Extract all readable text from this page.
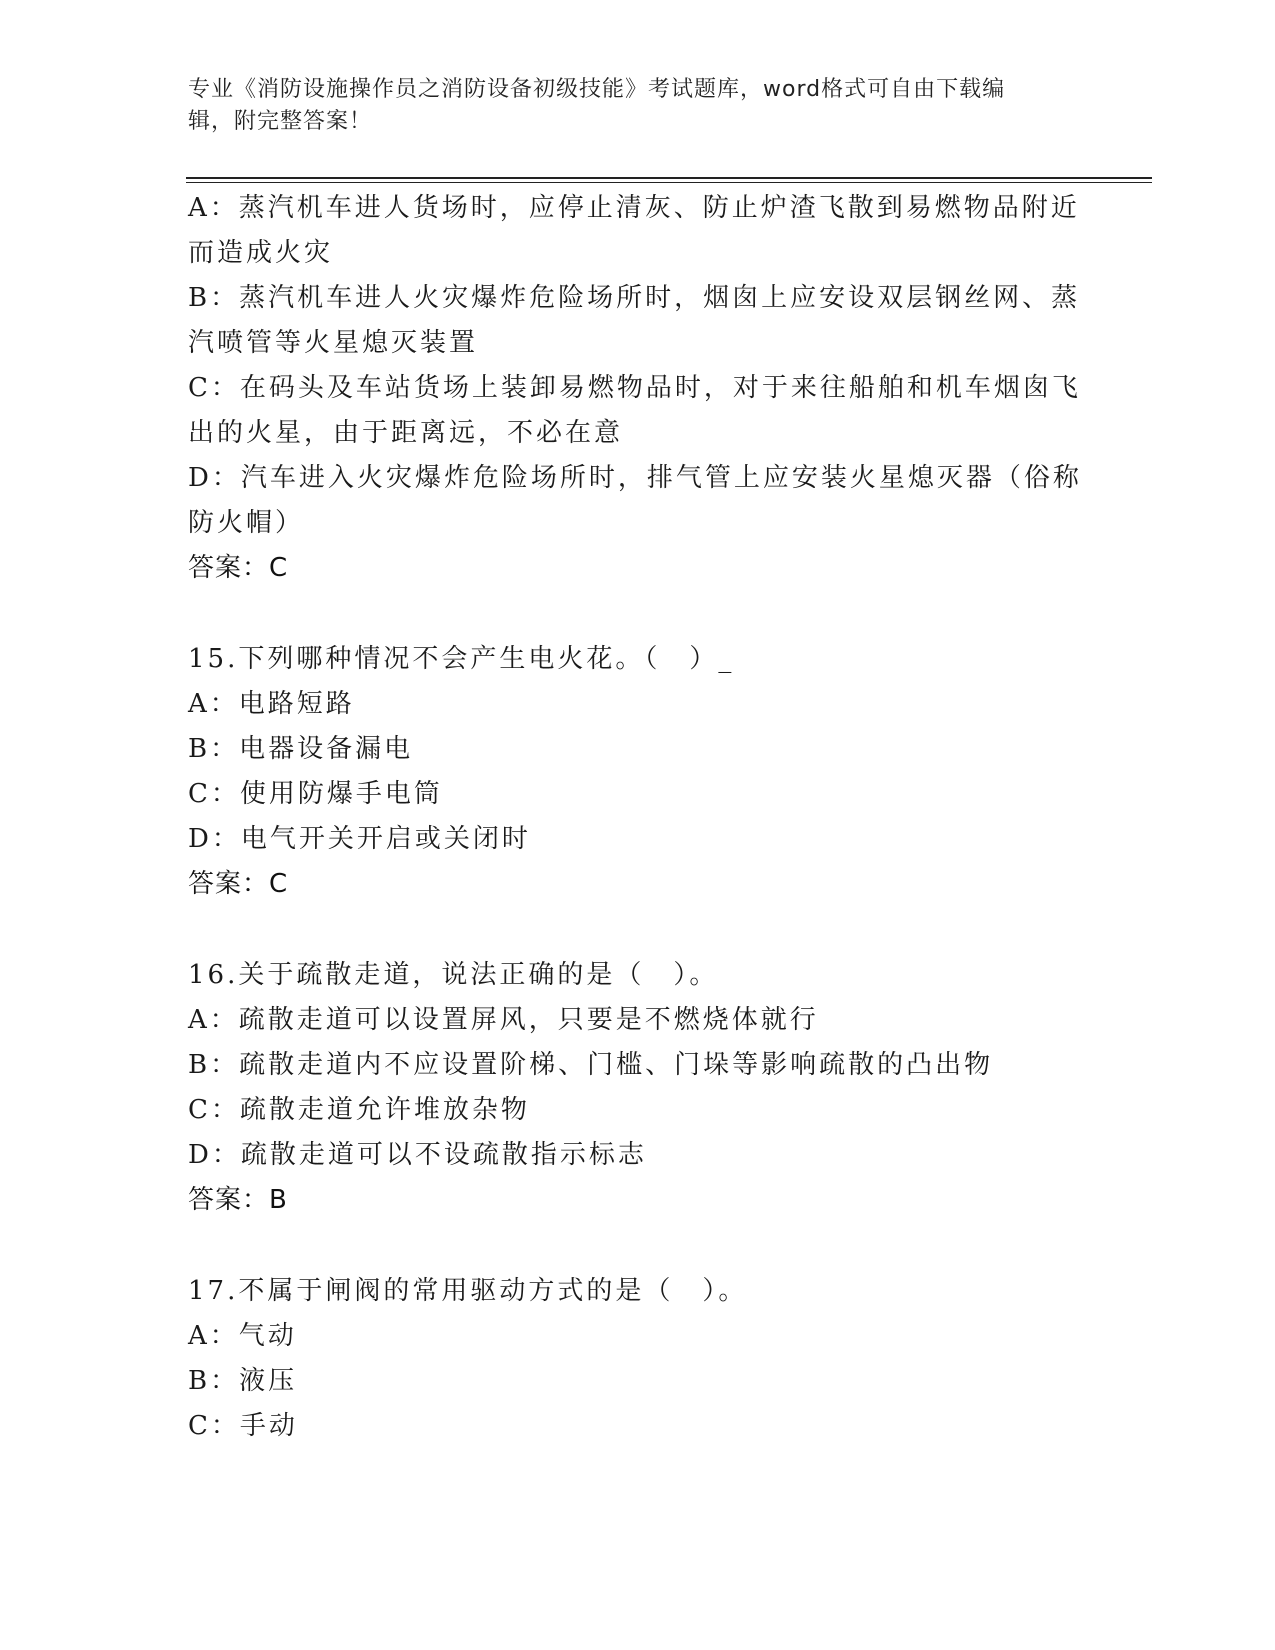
专业《消防设施操作员之消防设备初级技能》考试题库，word格式可自由下载编
辑，附完整答案！
A：蒸汽机车进人货场时，应停止清灰、防止炉渣飞散到易燃物品附近
而造成火灾
B：蒸汽机车进人火灾爆炸危险场所时，烟囱上应安设双层钢丝网、蒸
汽喷管等火星熄灭装置
C：在码头及车站货场上装卸易燃物品时，对于来往船舶和机车烟囱飞
出的火星，由于距离远，不必在意
D：汽车进入火灾爆炸危险场所时，排气管上应安装火星熄灭器（俗称
防火帽）
答案：C
15.下列哪种情况不会产生电火花。（　）_
A：电路短路
B：电器设备漏电
C：使用防爆手电筒
D：电气开关开启或关闭时
答案：C
16.关于疏散走道，说法正确的是（　）。
A：疏散走道可以设置屏风，只要是不燃烧体就行
B：疏散走道内不应设置阶梯、门槛、门垛等影响疏散的凸出物
C：疏散走道允许堆放杂物
D：疏散走道可以不设疏散指示标志
答案：B
17.不属于闸阀的常用驱动方式的是（　）。
A：气动
B：液压
C：手动
